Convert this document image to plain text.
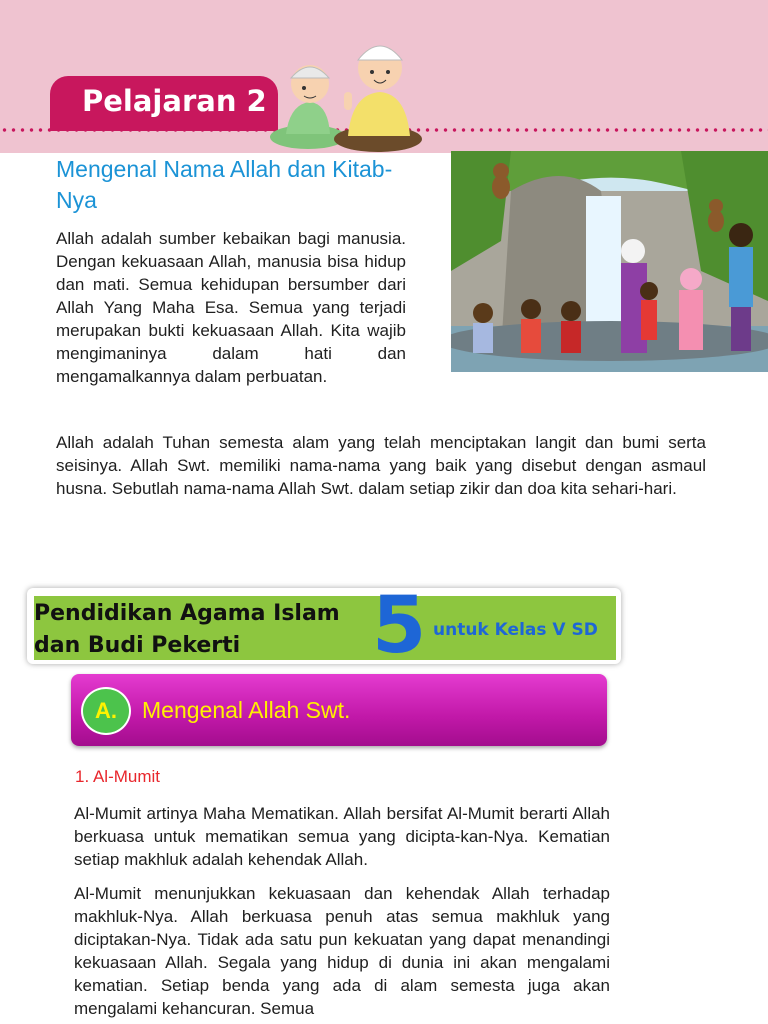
Pelajaran 2
Mengenal Nama Allah dan Kitab-Nya

Allah adalah sumber kebaikan bagi manusia. Dengan kekuasaan Allah, manusia bisa hidup dan mati. Semua kehidupan bersumber dari Allah Yang Maha Esa. Semua yang terjadi merupakan bukti kekuasaan Allah. Kita wajib mengimaninya dalam hati dan mengamalkannya dalam perbuatan.

Allah adalah Tuhan semesta alam yang telah menciptakan langit dan bumi serta seisinya. Allah Swt. memiliki nama-nama yang baik yang disebut dengan asmaul husna. Sebutlah nama-nama Allah Swt. dalam setiap zikir dan doa kita sehari-hari.

Pendidikan Agama Islam
dan Budi Pekerti	5 untuk Kelas V SD
A.	Mengenal Allah Swt.
1. Al-Mumit

Al-Mumit artinya Maha Mematikan. Allah bersifat Al-Mumit berarti Allah berkuasa untuk mematikan semua yang dicipta-kan-Nya. Kematian setiap makhluk adalah kehendak Allah.

Al-Mumit menunjukkan kekuasaan dan kehendak Allah terhadap makhluk-Nya. Allah berkuasa penuh atas semua makhluk yang diciptakan-Nya. Tidak ada satu pun kekuatan yang dapat menandingi kekuasaan Allah. Segala yang hidup di dunia ini akan mengalami kematian. Setiap benda yang ada di alam semesta juga akan mengalami kehancuran. Semua
